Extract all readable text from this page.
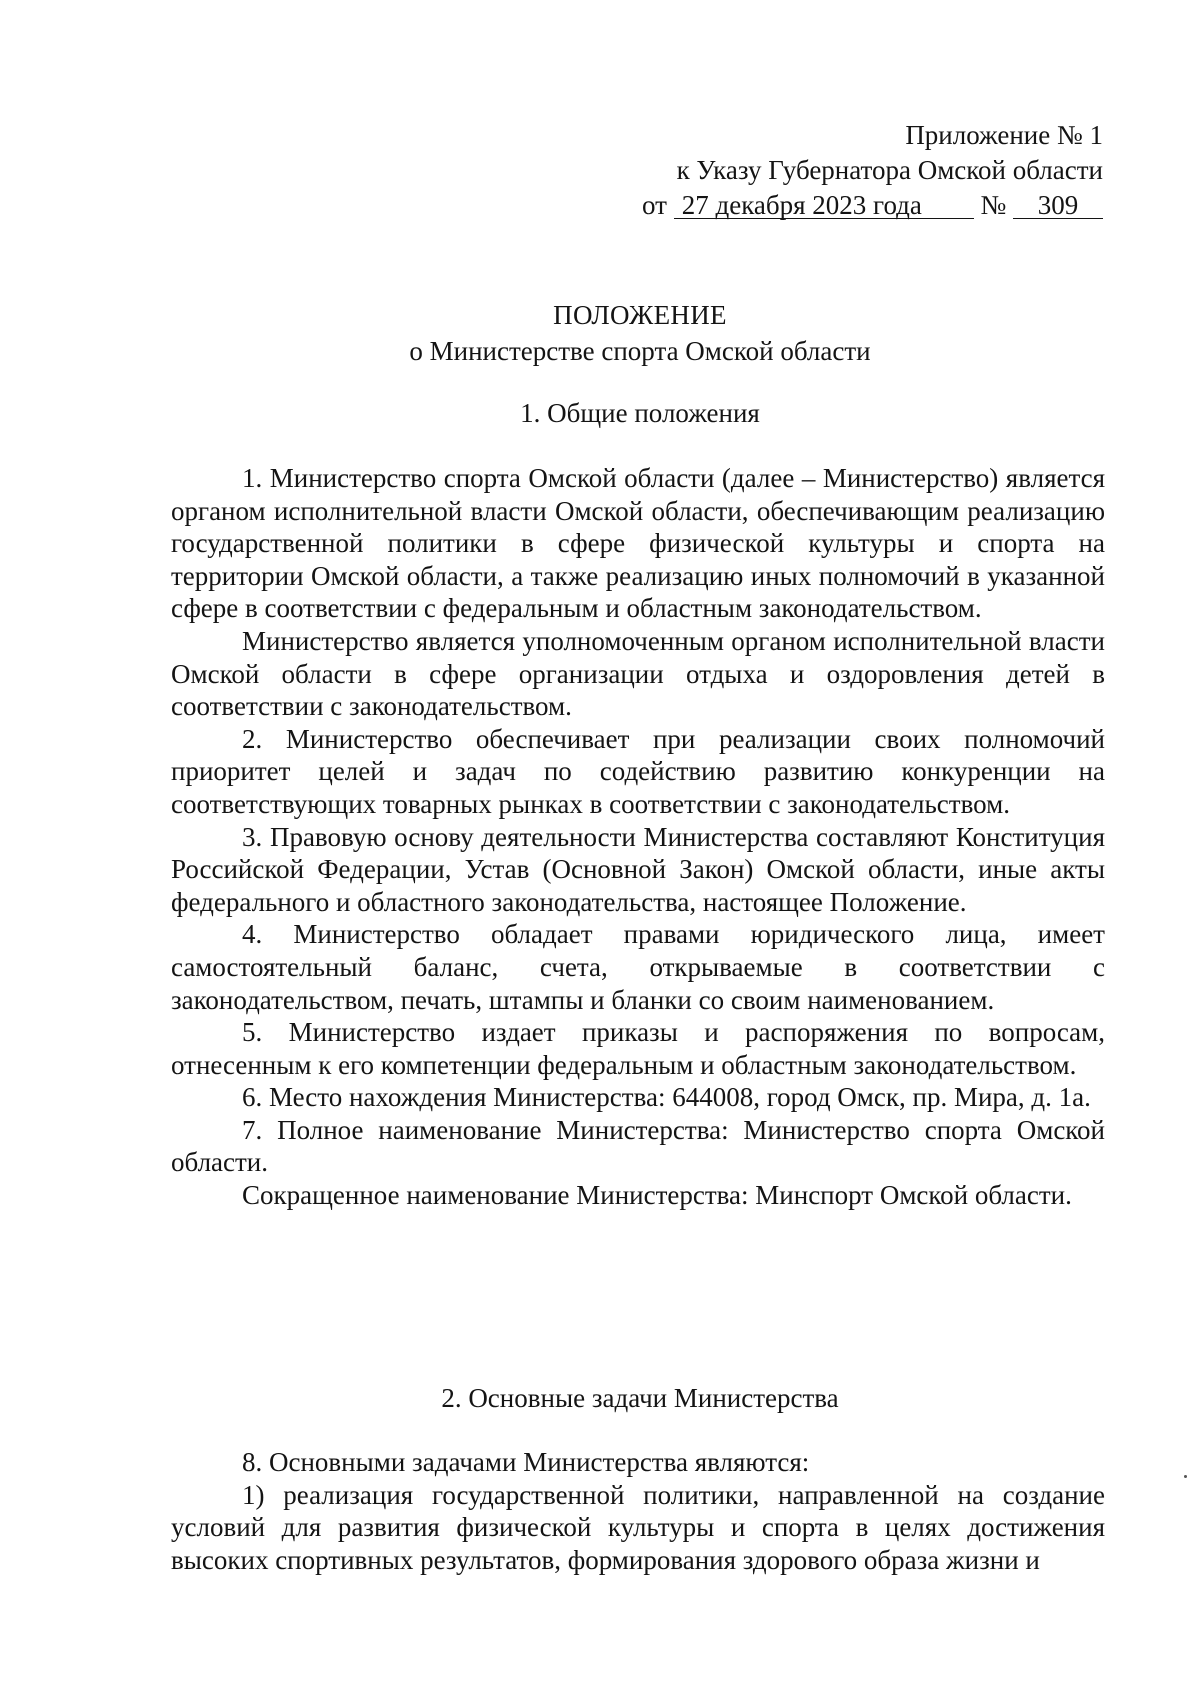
Приложение № 1
к Указу Губернатора Омской области
от 27 декабря 2023 года № 309
ПОЛОЖЕНИЕ
о Министерстве спорта Омской области
1. Общие положения

1. Министерство спорта Омской области (далее – Министерство) является органом исполнительной власти Омской области, обеспечивающим реализацию государственной политики в сфере физической культуры и спорта на территории Омской области, а также реализацию иных полномочий в указанной сфере в соответствии с федеральным и областным законодательством.

Министерство является уполномоченным органом исполнительной власти Омской области в сфере организации отдыха и оздоровления детей в соответствии с законодательством.

2. Министерство обеспечивает при реализации своих полномочий приоритет целей и задач по содействию развитию конкуренции на соответствующих товарных рынках в соответствии с законодательством.

3. Правовую основу деятельности Министерства составляют Конституция Российской Федерации, Устав (Основной Закон) Омской области, иные акты федерального и областного законодательства, настоящее Положение.

4. Министерство обладает правами юридического лица, имеет самостоятельный баланс, счета, открываемые в соответствии с законодательством, печать, штампы и бланки со своим наименованием.

5. Министерство издает приказы и распоряжения по вопросам, отнесенным к его компетенции федеральным и областным законодательством.

6. Место нахождения Министерства: 644008, город Омск, пр. Мира, д. 1а.

7. Полное наименование Министерства: Министерство спорта Омской области.

Сокращенное наименование Министерства: Минспорт Омской области.

2. Основные задачи Министерства

8. Основными задачами Министерства являются:

1) реализация государственной политики, направленной на создание условий для развития физической культуры и спорта в целях достижения высоких спортивных результатов, формирования здорового образа жизни и
